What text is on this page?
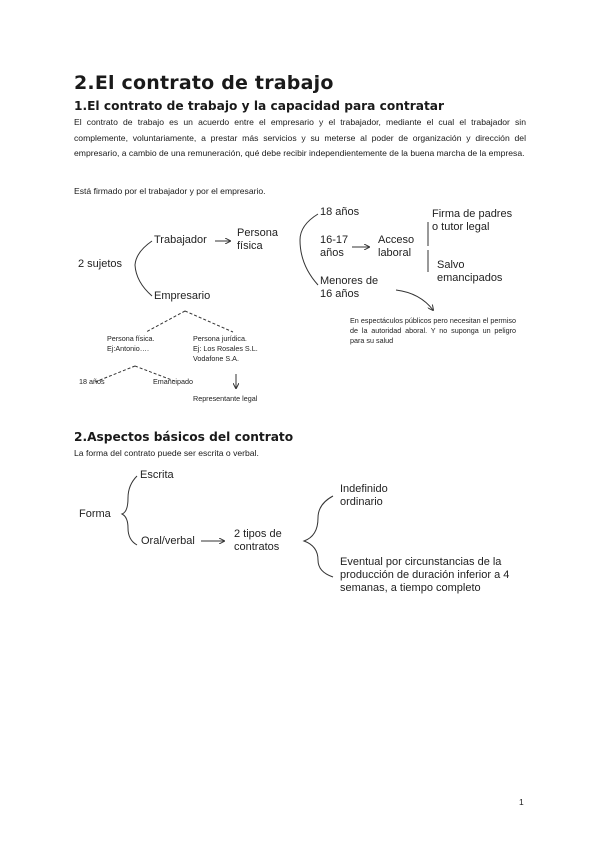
2.El contrato de trabajo
1.El contrato de trabajo y la capacidad para contratar

El contrato de trabajo es un acuerdo entre el empresario y el trabajador, mediante el cual el trabajador sin complemente, voluntariamente, a prestar más servicios y su meterse al poder de organización y dirección del empresario, a cambio de una remuneración, qué debe recibir independientemente de la buena marcha de la empresa.

Está firmado por el trabajador y por el empresario.
2 sujetos
Trabajador
Persona
física
18 años
16-17
años
Acceso
laboral
Firma de padres
o tutor legal
Salvo
emancipados
Menores de
16 años
En espectáculos públicos pero necesitan el permiso de la autoridad aboral. Y no suponga un peligro para su salud
Empresario
Persona física.
Ej:Antonio….
Persona jurídica.
Ej: Los Rosales S.L.
Vodafone S.A.
18 años	Emancipado
Representante legal
2.Aspectos básicos del contrato
La forma del contrato puede ser escrita o verbal.
Forma
Escrita
Oral/verbal
2 tipos de
contratos
Indefinido
ordinario
Eventual por circunstancias de la
producción de duración inferior a 4
semanas, a tiempo completo
1
